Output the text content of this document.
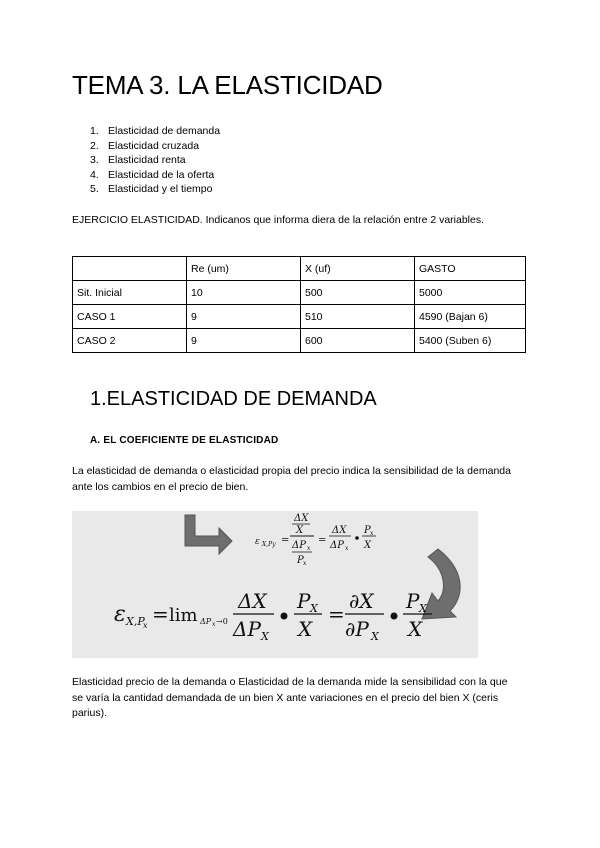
TEMA 3. LA ELASTICIDAD
1. Elasticidad de demanda
2. Elasticidad cruzada
3. Elasticidad renta
4. Elasticidad de la oferta
5. Elasticidad y el tiempo

EJERCICIO ELASTICIDAD. Indicanos que informa diera de la relación entre 2 variables.

	Re (um)	X (uf)	GASTO
Sit. Inicial	10	500	5000
CASO 1	9	510	4590 (Bajan 6)
CASO 2	9	600	5400 (Suben 6)
1.ELASTICIDAD DE DEMANDA
A. EL COEFICIENTE DE ELASTICIDAD

La elasticidad de demanda o elasticidad propia del precio indica la sensibilidad de la demanda ante los cambios en el precio de bien.

ε X,Py =
ΔX
X
ΔP x
P x
=
ΔX
ΔP x
P x
X
ε X,P
x = lim ΔP x →0
ΔX
ΔP X
P X
X
=
∂X
∂P X
P X
X

Elasticidad precio de la demanda o Elasticidad de la demanda mide la sensibilidad con la que se varía la cantidad demandada de un bien X ante variaciones en el precio del bien X (ceris parius).
